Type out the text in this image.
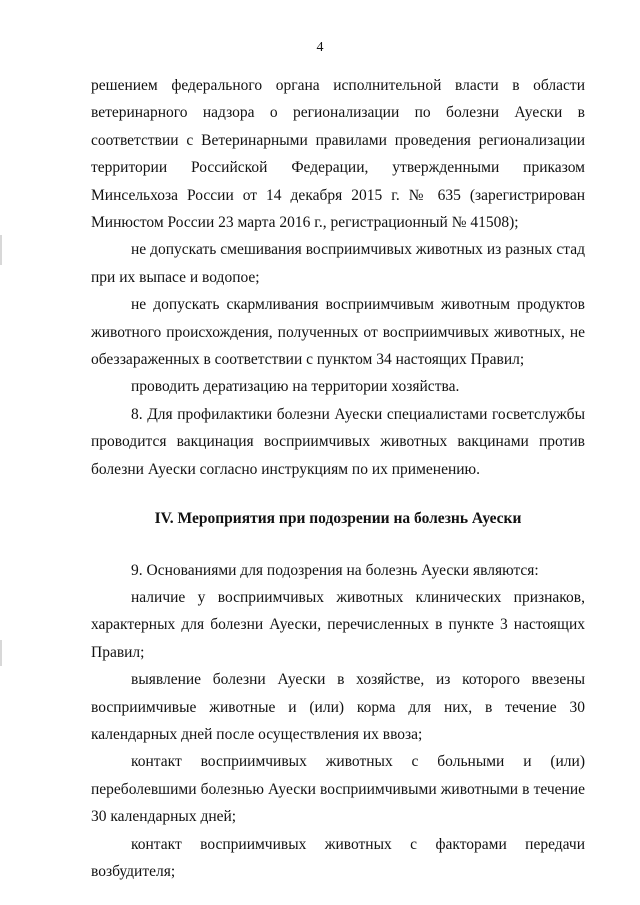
4

решением федерального органа исполнительной власти в области ветеринарного надзора о регионализации по болезни Ауески в соответствии с Ветеринарными правилами проведения регионализации территории Российской Федерации, утвержденными приказом Минсельхоза России от 14 декабря 2015 г. № 635 (зарегистрирован Минюстом России 23 марта 2016 г., регистрационный № 41508);

не допускать смешивания восприимчивых животных из разных стад при их выпасе и водопое;

не допускать скармливания восприимчивым животным продуктов животного происхождения, полученных от восприимчивых животных, не обеззараженных в соответствии с пунктом 34 настоящих Правил;

проводить дератизацию на территории хозяйства.

8. Для профилактики болезни Ауески специалистами госветслужбы проводится вакцинация восприимчивых животных вакцинами против болезни Ауески согласно инструкциям по их применению.

IV. Мероприятия при подозрении на болезнь Ауески

9. Основаниями для подозрения на болезнь Ауески являются:

наличие у восприимчивых животных клинических признаков, характерных для болезни Ауески, перечисленных в пункте 3 настоящих Правил;

выявление болезни Ауески в хозяйстве, из которого ввезены восприимчивые животные и (или) корма для них, в течение 30 календарных дней после осуществления их ввоза;

контакт восприимчивых животных с больными и (или) переболевшими болезнью Ауески восприимчивыми животными в течение 30 календарных дней;

контакт восприимчивых животных с факторами передачи возбудителя;
